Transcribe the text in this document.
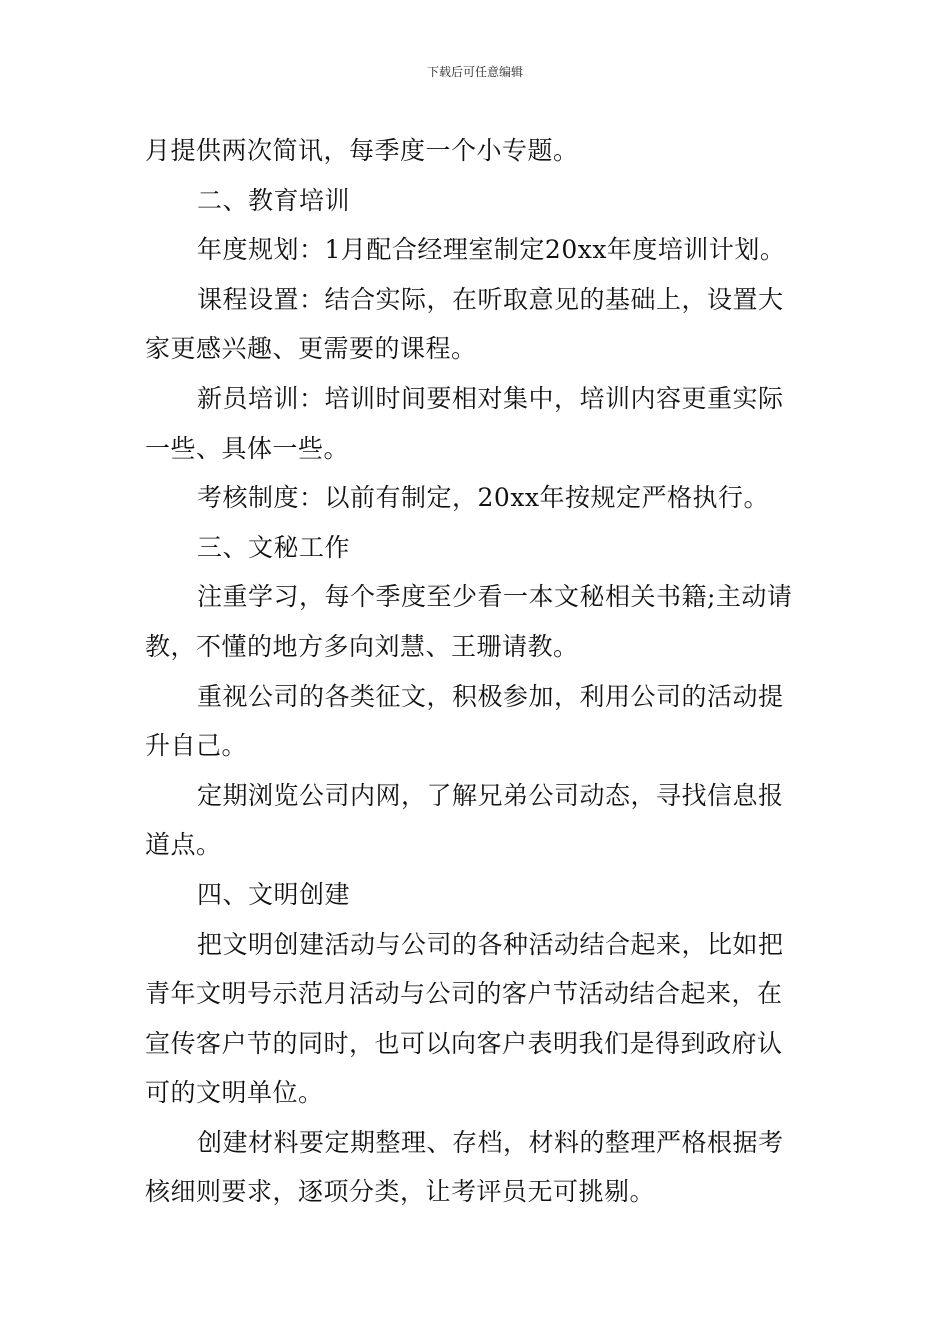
下载后可任意编辑

月提供两次简讯，每季度一个小专题。

二、教育培训

年度规划：1月配合经理室制定20xx年度培训计划。

课程设置：结合实际，在听取意见的基础上，设置大

家更感兴趣、更需要的课程。

新员培训：培训时间要相对集中，培训内容更重实际

一些、具体一些。

考核制度：以前有制定，20xx年按规定严格执行。

三、文秘工作

注重学习，每个季度至少看一本文秘相关书籍;主动请

教，不懂的地方多向刘慧、王珊请教。

重视公司的各类征文，积极参加，利用公司的活动提

升自己。

定期浏览公司内网，了解兄弟公司动态，寻找信息报

道点。

四、文明创建

把文明创建活动与公司的各种活动结合起来，比如把

青年文明号示范月活动与公司的客户节活动结合起来，在

宣传客户节的同时，也可以向客户表明我们是得到政府认

可的文明单位。

创建材料要定期整理、存档，材料的整理严格根据考

核细则要求，逐项分类，让考评员无可挑剔。
